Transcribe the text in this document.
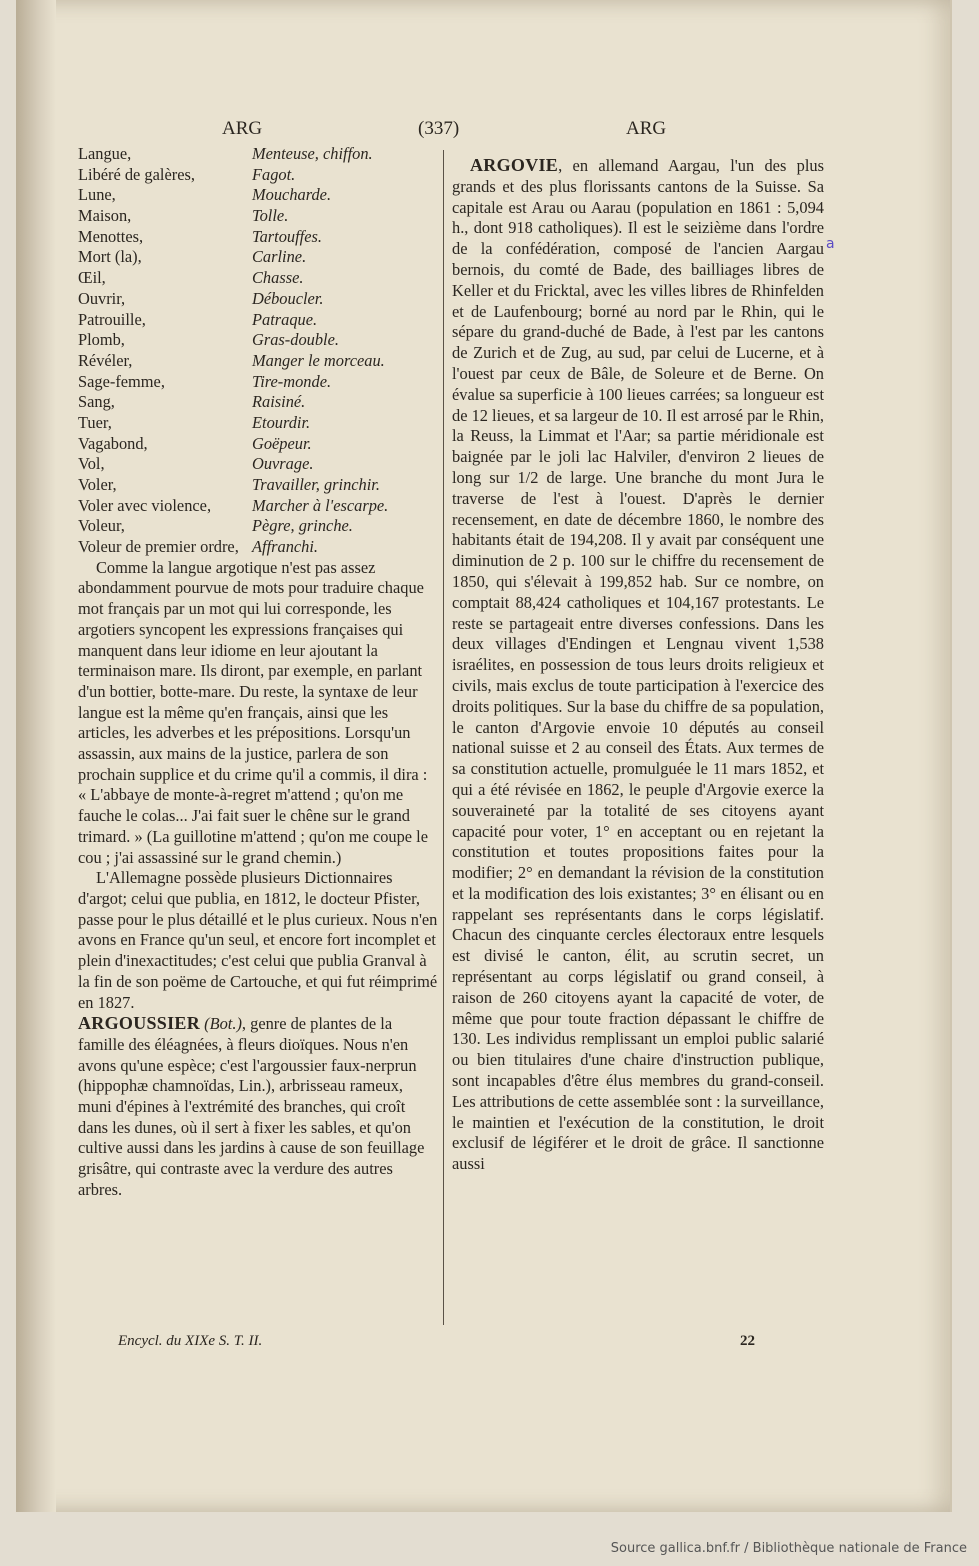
ARG	(337)	ARG
Langue,	Menteuse, chiffon.
Libéré de galères,	Fagot.
Lune,	Moucharde.
Maison,	Tolle.
Menottes,	Tartouffes.
Mort (la),	Carline.
Œil,	Chasse.
Ouvrir,	Déboucler.
Patrouille,	Patraque.
Plomb,	Gras-double.
Révéler,	Manger le morceau.
Sage-femme,	Tire-monde.
Sang,	Raisiné.
Tuer,	Etourdir.
Vagabond,	Goëpeur.
Vol,	Ouvrage.
Voler,	Travailler, grinchir.
Voler avec violence,	Marcher à l'escarpe.
Voleur,	Pègre, grinche.
Voleur de premier ordre, Affranchi.

Comme la langue argotique n'est pas assez abondamment pourvue de mots pour traduire chaque mot français par un mot qui lui corresponde, les argotiers syncopent les expressions françaises qui manquent dans leur idiome en leur ajoutant la terminaison mare. Ils diront, par exemple, en parlant d'un bottier, botte-mare. Du reste, la syntaxe de leur langue est la même qu'en français, ainsi que les articles, les adverbes et les prépositions. Lorsqu'un assassin, aux mains de la justice, parlera de son prochain supplice et du crime qu'il a commis, il dira : « L'abbaye de monte-à-regret m'attend ; qu'on me fauche le colas... J'ai fait suer le chêne sur le grand trimard. » (La guillotine m'attend ; qu'on me coupe le cou ; j'ai assassiné sur le grand chemin.)

L'Allemagne possède plusieurs Dictionnaires d'argot; celui que publia, en 1812, le docteur Pfister, passe pour le plus détaillé et le plus curieux. Nous n'en avons en France qu'un seul, et encore fort incomplet et plein d'inexactitudes; c'est celui que publia Granval à la fin de son poëme de Cartouche, et qui fut réimprimé en 1827.

ARGOUSSIER (Bot.), genre de plantes de la famille des éléagnées, à fleurs dioïques. Nous n'en avons qu'une espèce; c'est l'argoussier faux-nerprun (hippophæ chamnoïdas, Lin.), arbrisseau rameux, muni d'épines à l'extrémité des branches, qui croît dans les dunes, où il sert à fixer les sables, et qu'on cultive aussi dans les jardins à cause de son feuillage grisâtre, qui contraste avec la verdure des autres arbres.

ARGOVIE, en allemand Aargau, l'un des plus grands et des plus florissants cantons de la Suisse. Sa capitale est Arau ou Aarau (population en 1861 : 5,094 h., dont 918 catholiques). Il est le seizième dans l'ordre de la confédération, composé de l'ancien Aargau bernois, du comté de Bade, des bailliages libres de Keller et du Fricktal, avec les villes libres de Rhinfelden et de Laufenbourg; borné au nord par le Rhin, qui le sépare du grand-duché de Bade, à l'est par les cantons de Zurich et de Zug, au sud, par celui de Lucerne, et à l'ouest par ceux de Bâle, de Soleure et de Berne. On évalue sa superficie à 100 lieues carrées; sa longueur est de 12 lieues, et sa largeur de 10. Il est arrosé par le Rhin, la Reuss, la Limmat et l'Aar; sa partie méridionale est baignée par le joli lac Halviler, d'environ 2 lieues de long sur 1/2 de large. Une branche du mont Jura le traverse de l'est à l'ouest. D'après le dernier recensement, en date de décembre 1860, le nombre des habitants était de 194,208. Il y avait par conséquent une diminution de 2 p. 100 sur le chiffre du recensement de 1850, qui s'élevait à 199,852 hab. Sur ce nombre, on comptait 88,424 catholiques et 104,167 protestants. Le reste se partageait entre diverses confessions. Dans les deux villages d'Endingen et Lengnau vivent 1,538 israélites, en possession de tous leurs droits religieux et civils, mais exclus de toute participation à l'exercice des droits politiques. Sur la base du chiffre de sa population, le canton d'Argovie envoie 10 députés au conseil national suisse et 2 au conseil des États. Aux termes de sa constitution actuelle, promulguée le 11 mars 1852, et qui a été révisée en 1862, le peuple d'Argovie exerce la souveraineté par la totalité de ses citoyens ayant capacité pour voter, 1° en acceptant ou en rejetant la constitution et toutes propositions faites pour la modifier; 2° en demandant la révision de la constitution et la modification des lois existantes; 3° en élisant ou en rappelant ses représentants dans le corps législatif. Chacun des cinquante cercles électoraux entre lesquels est divisé le canton, élit, au scrutin secret, un représentant au corps législatif ou grand conseil, à raison de 260 citoyens ayant la capacité de voter, de même que pour toute fraction dépassant le chiffre de 130. Les individus remplissant un emploi public salarié ou bien titulaires d'une chaire d'instruction publique, sont incapables d'être élus membres du grand-conseil. Les attributions de cette assemblée sont : la surveillance, le maintien et l'exécution de la constitution, le droit exclusif de légiférer et le droit de grâce. Il sanctionne aussi

a
Encycl. du XIXe S. T. II.	22
Source gallica.bnf.fr / Bibliothèque nationale de France
